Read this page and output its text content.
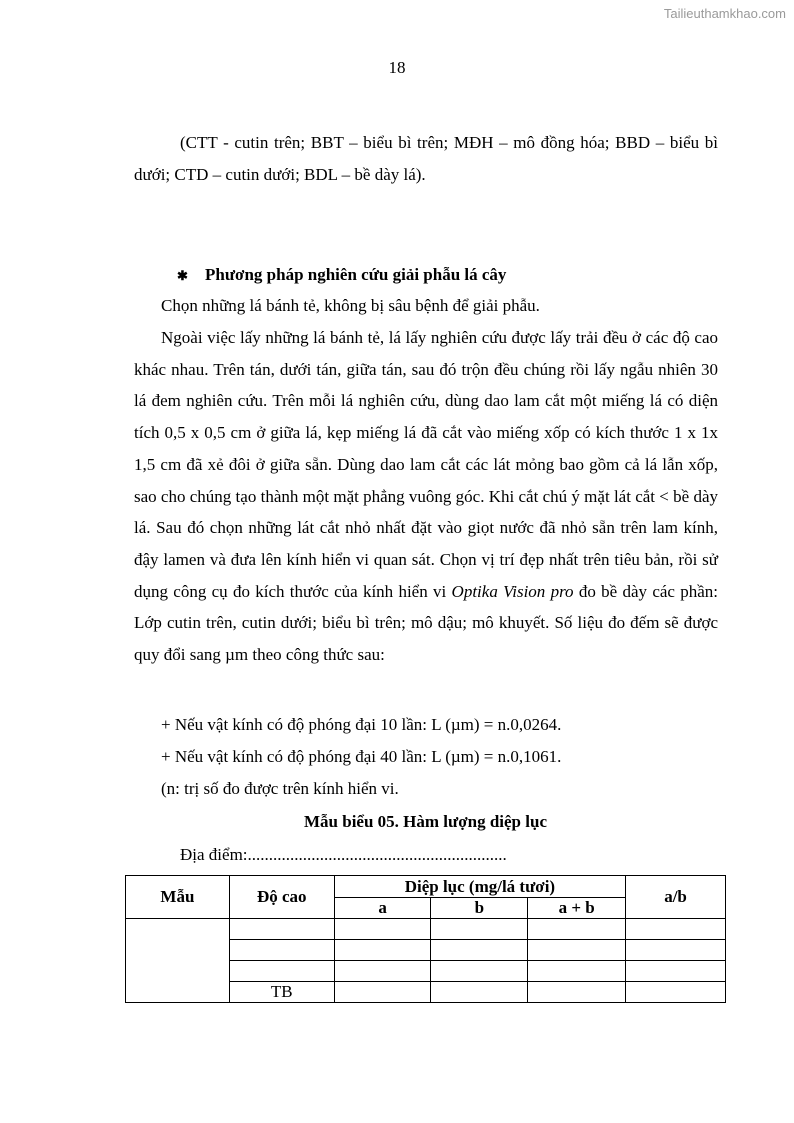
Tailieuthamkhao.com
18

(CTT - cutin trên; BBT – biểu bì trên; MĐH – mô đồng hóa; BBD – biểu bì dưới; CTD – cutin dưới; BDL – bề dày lá).

✱ Phương pháp nghiên cứu giải phẫu lá cây
Chọn những lá bánh tẻ, không bị sâu bệnh để giải phẫu.

Ngoài việc lấy những lá bánh tẻ, lá lấy nghiên cứu được lấy trải đều ở các độ cao khác nhau. Trên tán, dưới tán, giữa tán, sau đó trộn đều chúng rồi lấy ngẫu nhiên 30 lá đem nghiên cứu. Trên mỗi lá nghiên cứu, dùng dao lam cắt một miếng lá có diện tích 0,5 x 0,5 cm ở giữa lá, kẹp miếng lá đã cắt vào miếng xốp có kích thước 1 x 1x 1,5 cm đã xẻ đôi ở giữa sẵn. Dùng dao lam cắt các lát mỏng bao gồm cả lá lẫn xốp, sao cho chúng tạo thành một mặt phẳng vuông góc. Khi cắt chú ý mặt lát cắt < bề dày lá. Sau đó chọn những lát cắt nhỏ nhất đặt vào giọt nước đã nhỏ sẵn trên lam kính, đậy lamen và đưa lên kính hiển vi quan sát. Chọn vị trí đẹp nhất trên tiêu bản, rồi sử dụng công cụ đo kích thước của kính hiển vi Optika Vision pro đo bề dày các phần: Lớp cutin trên, cutin dưới; biểu bì trên; mô dậu; mô khuyết. Số liệu đo đếm sẽ được quy đổi sang µm theo công thức sau:

+ Nếu vật kính có độ phóng đại 10 lần: L (µm) = n.0,0264.
+ Nếu vật kính có độ phóng đại 40 lần: L (µm) = n.0,1061.
(n: trị số đo được trên kính hiển vi.
Mẫu biểu 05. Hàm lượng diệp lục
Địa điểm:.............................................................
Mẫu	Độ cao	Diệp lục (mg/lá tươi)			a/b
		a	b	a + b	

	TB				
